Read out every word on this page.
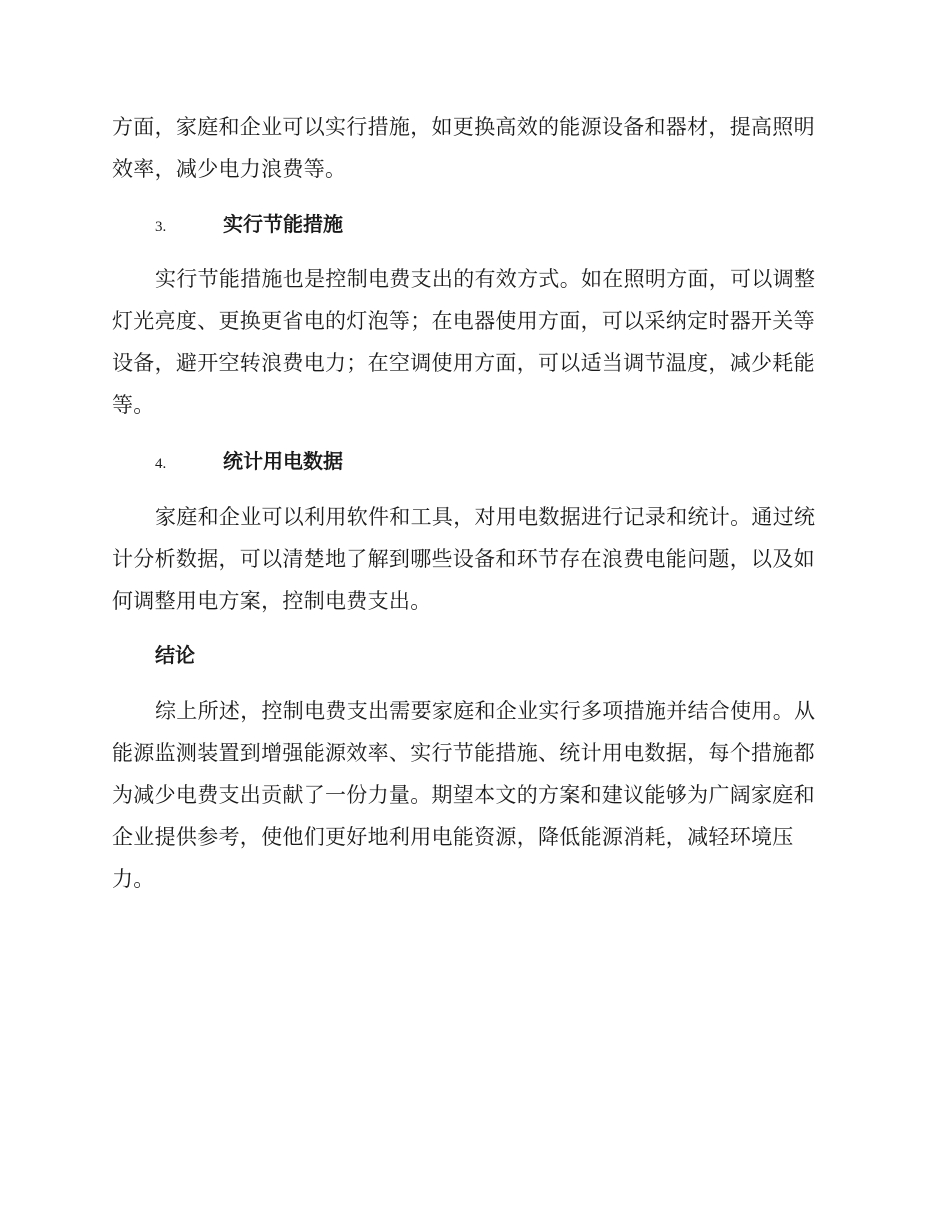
方面，家庭和企业可以实行措施，如更换高效的能源设备和器材，提高照明效率，减少电力浪费等。

3.	实行节能措施

实行节能措施也是控制电费支出的有效方式。如在照明方面，可以调整灯光亮度、更换更省电的灯泡等；在电器使用方面，可以采纳定时器开关等设备，避开空转浪费电力；在空调使用方面，可以适当调节温度，减少耗能等。

4.	统计用电数据

家庭和企业可以利用软件和工具，对用电数据进行记录和统计。通过统计分析数据，可以清楚地了解到哪些设备和环节存在浪费电能问题，以及如何调整用电方案，控制电费支出。

结论

综上所述，控制电费支出需要家庭和企业实行多项措施并结合使用。从能源监测装置到增强能源效率、实行节能措施、统计用电数据，每个措施都为减少电费支出贡献了一份力量。期望本文的方案和建议能够为广阔家庭和企业提供参考，使他们更好地利用电能资源，降低能源消耗，减轻环境压力。
